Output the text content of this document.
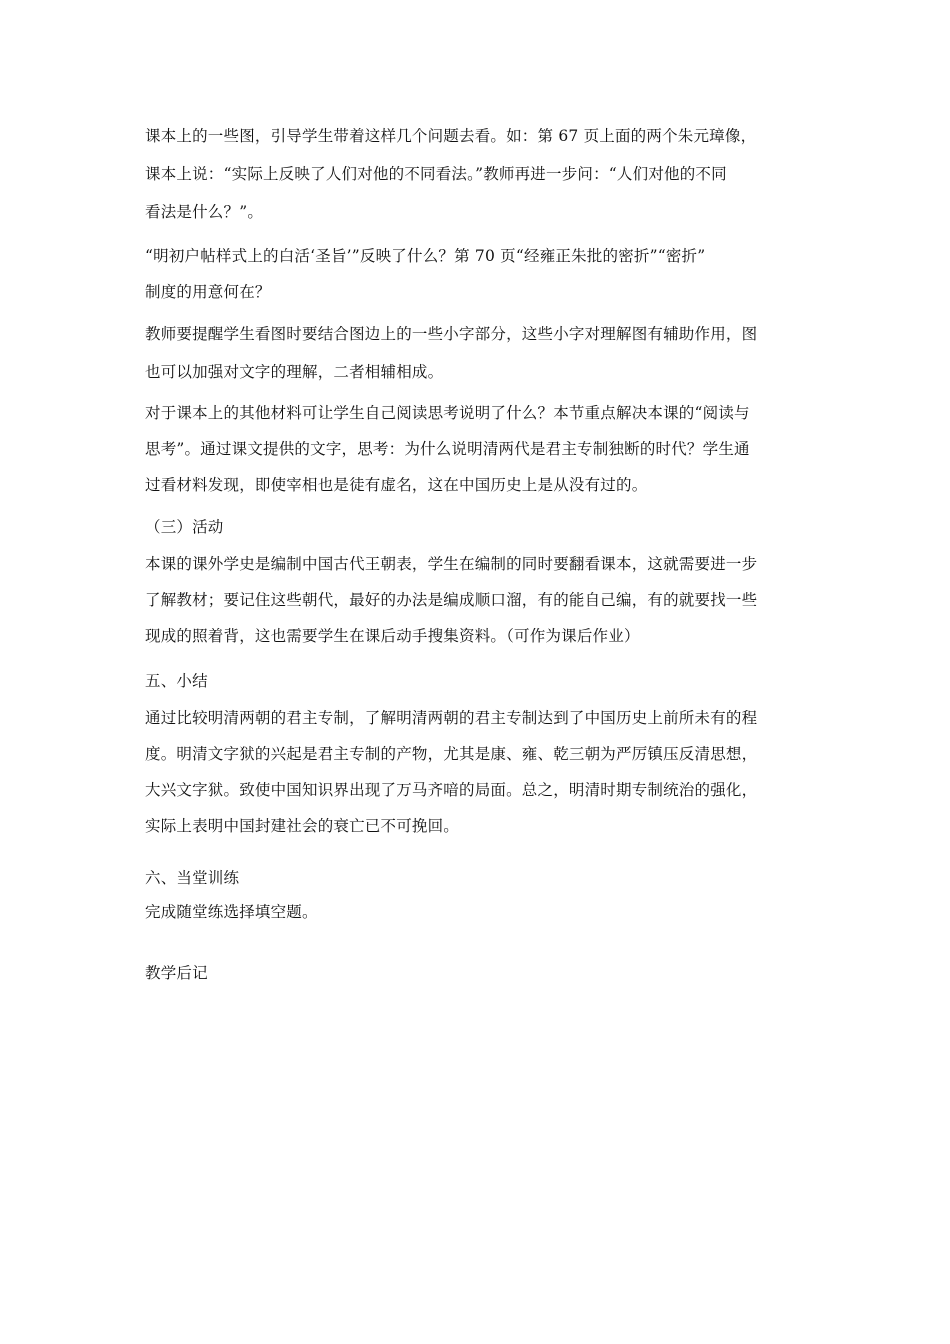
课本上的一些图，引导学生带着这样几个问题去看。如：第 67 页上面的两个朱元璋像，
课本上说：“实际上反映了人们对他的不同看法。”教师再进一步问：“人们对他的不同
看法是什么？”。
“明初户帖样式上的白活‘圣旨’”反映了什么？第 70 页“经雍正朱批的密折”“密折”
制度的用意何在？
教师要提醒学生看图时要结合图边上的一些小字部分，这些小字对理解图有辅助作用，图
也可以加强对文字的理解，二者相辅相成。
对于课本上的其他材料可让学生自己阅读思考说明了什么？本节重点解决本课的“阅读与
思考”。通过课文提供的文字，思考：为什么说明清两代是君主专制独断的时代？学生通
过看材料发现，即使宰相也是徒有虚名，这在中国历史上是从没有过的。
（三）活动
本课的课外学史是编制中国古代王朝表，学生在编制的同时要翻看课本，这就需要进一步
了解教材；要记住这些朝代，最好的办法是编成顺口溜，有的能自己编，有的就要找一些
现成的照着背，这也需要学生在课后动手搜集资料。（可作为课后作业）
五、小结
通过比较明清两朝的君主专制，了解明清两朝的君主专制达到了中国历史上前所未有的程
度。明清文字狱的兴起是君主专制的产物，尤其是康、雍、乾三朝为严厉镇压反清思想，
大兴文字狱。致使中国知识界出现了万马齐喑的局面。总之，明清时期专制统治的强化，
实际上表明中国封建社会的衰亡已不可挽回。
六、当堂训练
完成随堂练选择填空题。
教学后记
